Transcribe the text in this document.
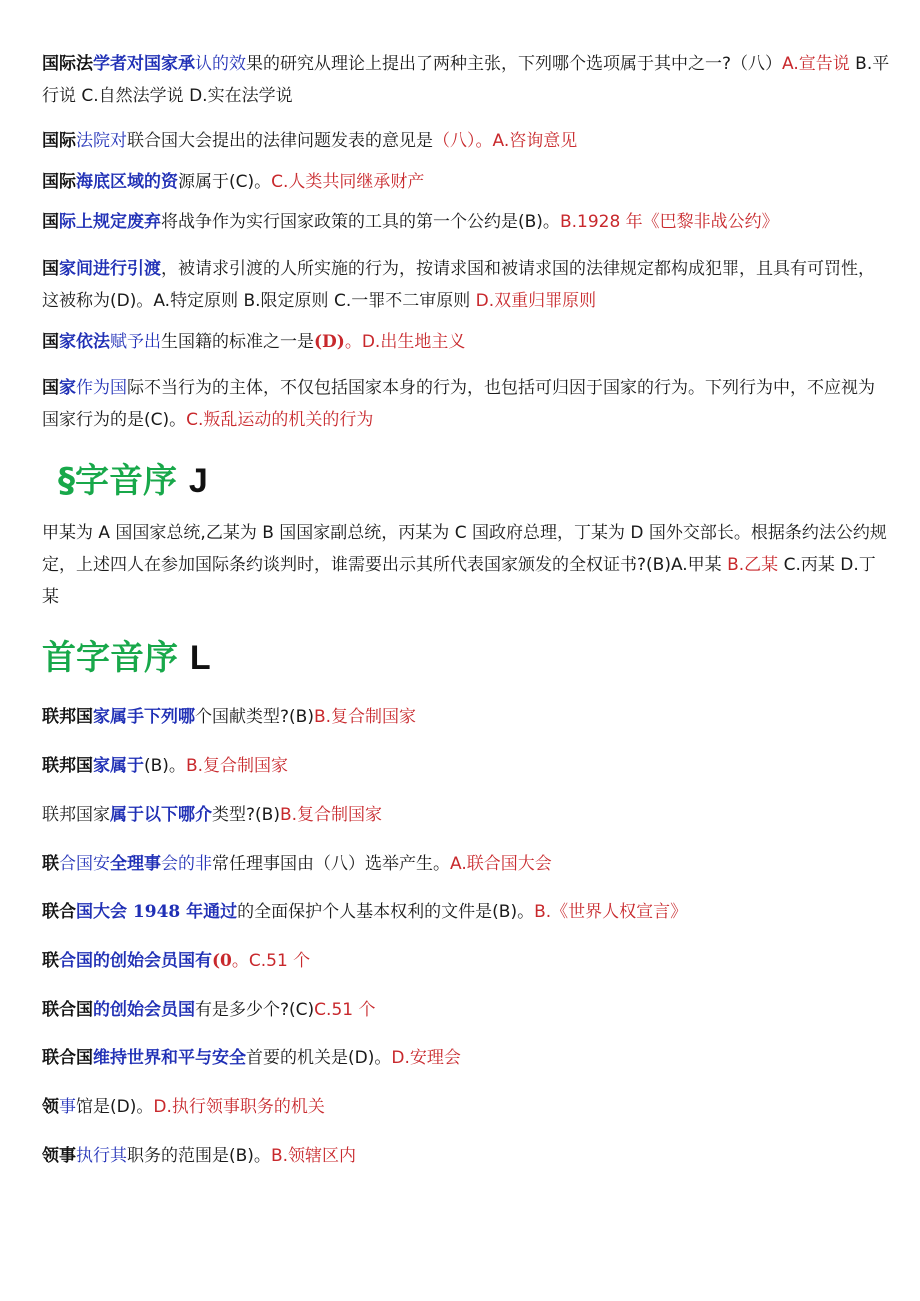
国际法学者对国家承认的效果的研究从理论上提出了两种主张，下列哪个选项属于其中之一?（八）A.宣告说 B.平行说 C.自然法学说 D.实在法学说

国际法院对联合国大会提出的法律问题发表的意见是（八）。A.咨询意见

国际海底区域的资源属于(C)。C.人类共同继承财产

国际上规定废弃将战争作为实行国家政策的工具的第一个公约是(B)。B.1928 年《巴黎非战公约》

国家间进行引渡，被请求引渡的人所实施的行为，按请求国和被请求国的法律规定都构成犯罪，且具有可罚性，这被称为(D)。A.特定原则 B.限定原则 C.一罪不二审原则 D.双重归罪原则

国家依法赋予出生国籍的标准之一是(D)。D.出生地主义

国家作为国际不当行为的主体，不仅包括国家本身的行为，也包括可归因于国家的行为。下列行为中，不应视为国家行为的是(C)。C.叛乱运动的机关的行为

§字音序 J

甲某为 A 国国家总统,乙某为 B 国国家副总统，丙某为 C 国政府总理，丁某为 D 国外交部长。根据条约法公约规定，上述四人在参加国际条约谈判时，谁需要出示其所代表国家颁发的全权证书?(B)A.甲某 B.乙某 C.丙某 D.丁某

首字音序 L

联邦国家属手下列哪个国献类型?(B)B.复合制国家

联邦国家属于(B)。B.复合制国家

联邦国家属于以下哪介类型?(B)B.复合制国家

联合国安全理事会的非常任理事国由（八）选举产生。A.联合国大会

联合国大会 1948 年通过的全面保护个人基本权利的文件是(B)。B.《世界人权宣言》

联合国的创始会员国有(0。C.51 个

联合国的创始会员国有是多少个?(C)C.51 个

联合国维持世界和平与安全首要的机关是(D)。D.安理会

领事馆是(D)。D.执行领事职务的机关

领事执行其职务的范围是(B)。B.领辖区内
